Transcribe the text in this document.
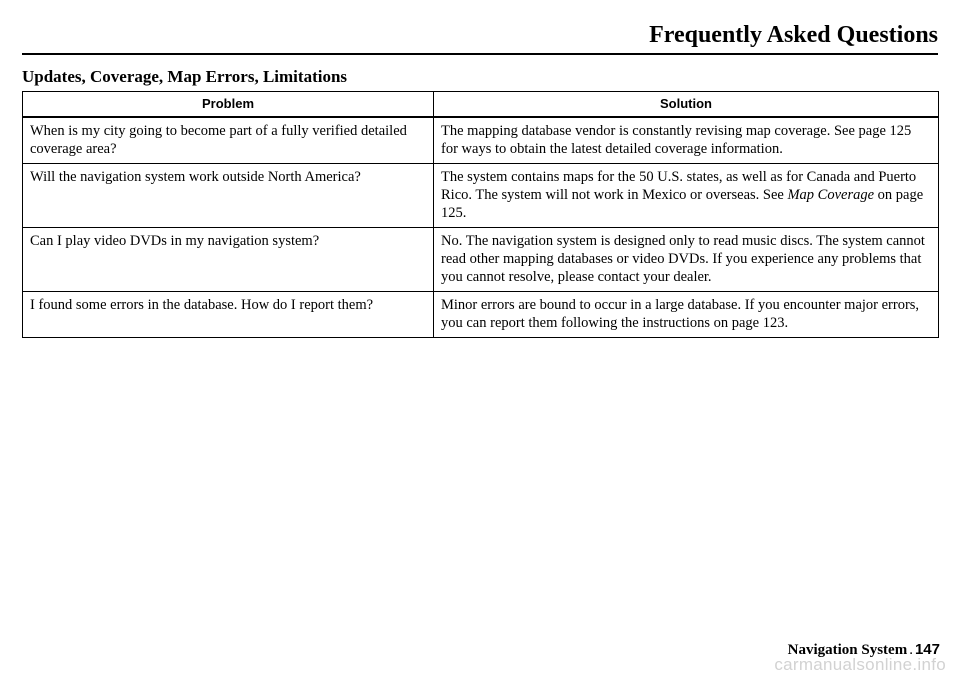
Frequently Asked Questions
Updates, Coverage, Map Errors, Limitations
Problem	Solution
When is my city going to become part of a fully verified detailed coverage area?	The mapping database vendor is constantly revising map coverage. See page 125 for ways to obtain the latest detailed coverage information.
Will the navigation system work outside North America?	The system contains maps for the 50 U.S. states, as well as for Canada and Puerto Rico. The system will not work in Mexico or overseas. See Map Coverage on page 125.
Can I play video DVDs in my navigation system?	No. The navigation system is designed only to read music discs. The system cannot read other mapping databases or video DVDs. If you experience any problems that you cannot resolve, please contact your dealer.
I found some errors in the database. How do I report them?	Minor errors are bound to occur in a large database. If you encounter major errors, you can report them following the instructions on page 123.
Navigation System . 147
carmanualsonline.info
